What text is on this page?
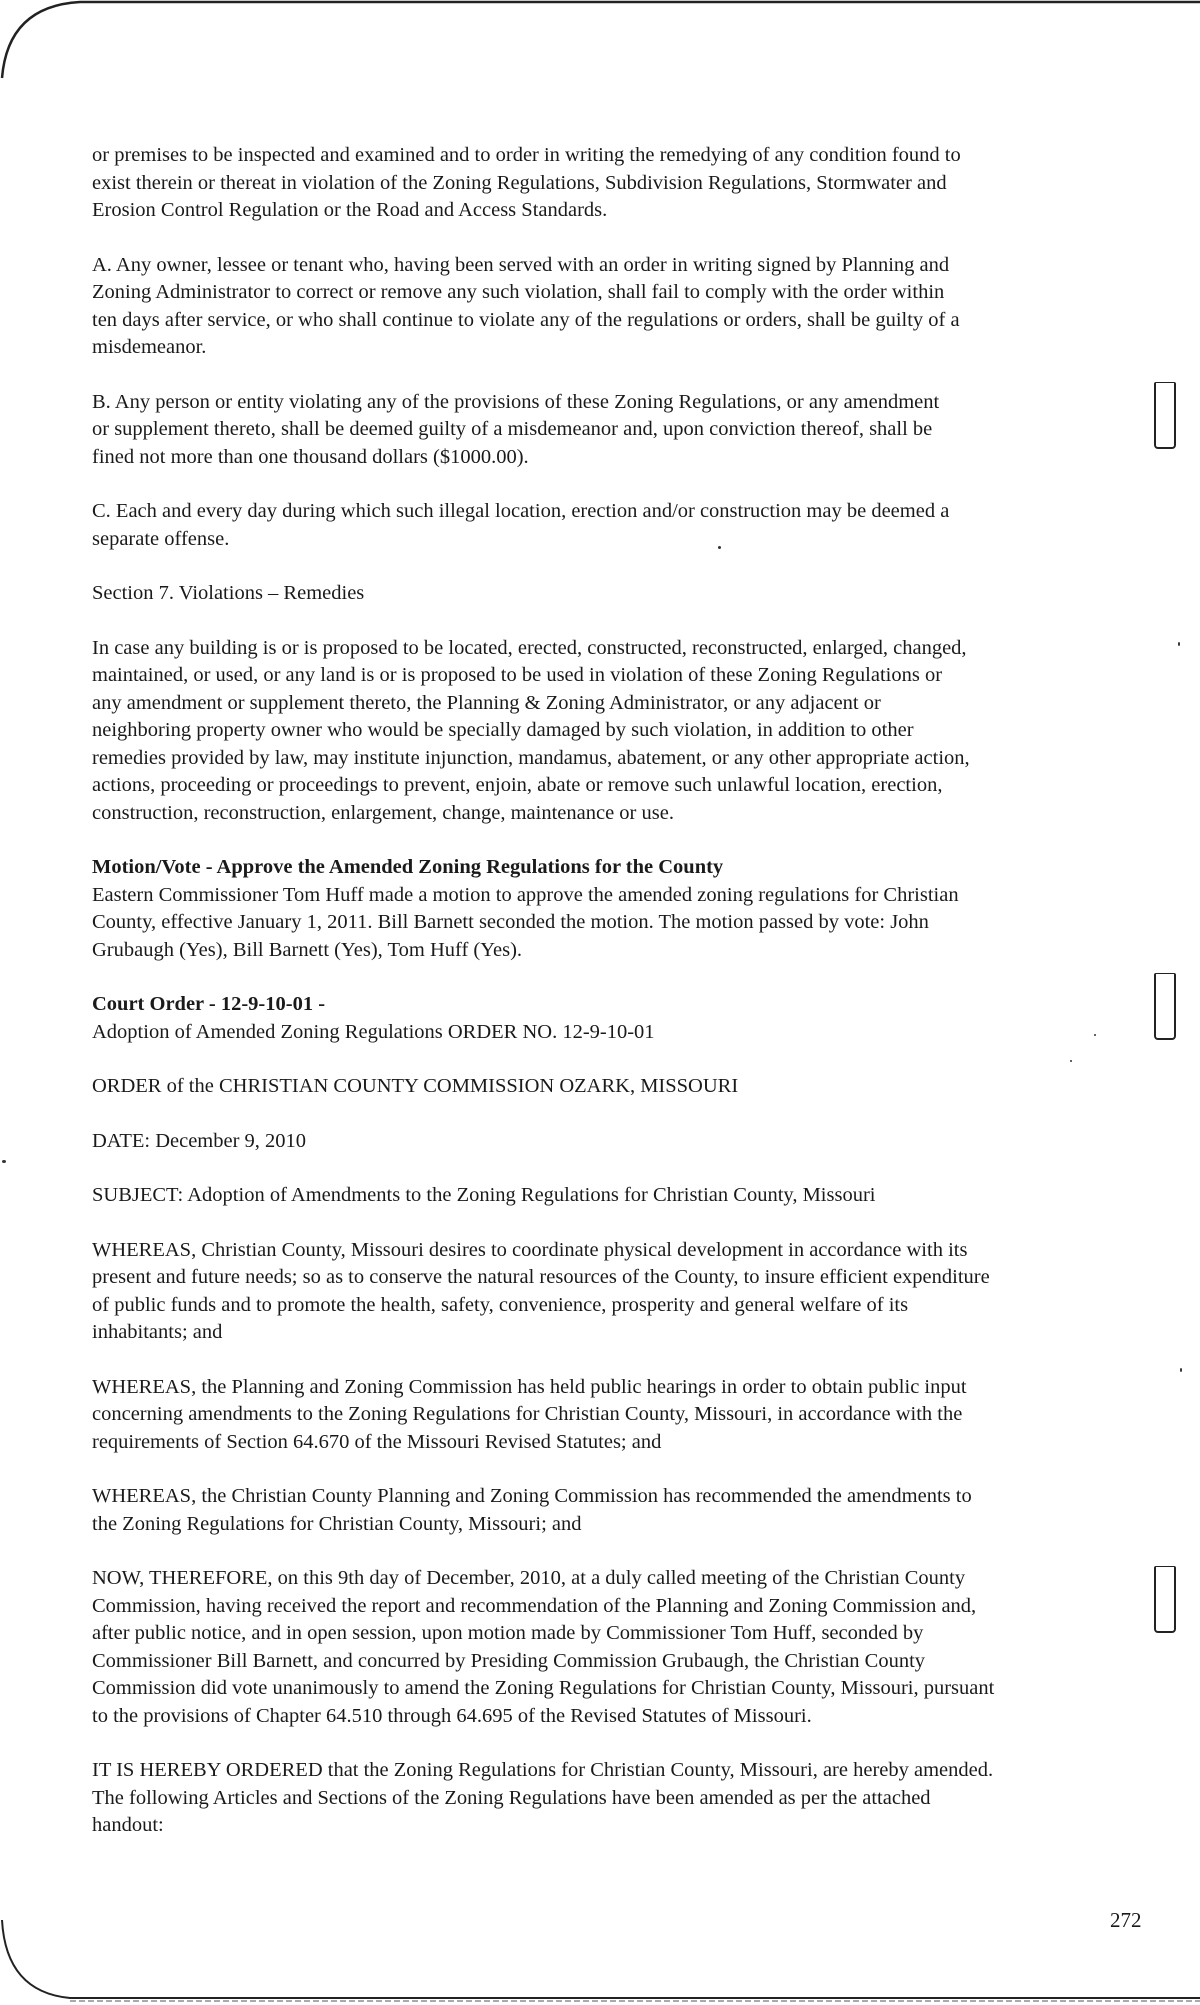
or premises to be inspected and examined and to order in writing the remedying of any condition found to
exist therein or thereat in violation of the Zoning Regulations, Subdivision Regulations, Stormwater and
Erosion Control Regulation or the Road and Access Standards.

A. Any owner, lessee or tenant who, having been served with an order in writing signed by Planning and
Zoning Administrator to correct or remove any such violation, shall fail to comply with the order within
ten days after service, or who shall continue to violate any of the regulations or orders, shall be guilty of a
misdemeanor.

B. Any person or entity violating any of the provisions of these Zoning Regulations, or any amendment
or supplement thereto, shall be deemed guilty of a misdemeanor and, upon conviction thereof, shall be
fined not more than one thousand dollars ($1000.00).

C. Each and every day during which such illegal location, erection and/or construction may be deemed a
separate offense.

Section 7. Violations – Remedies

In case any building is or is proposed to be located, erected, constructed, reconstructed, enlarged, changed,
maintained, or used, or any land is or is proposed to be used in violation of these Zoning Regulations or
any amendment or supplement thereto, the Planning & Zoning Administrator, or any adjacent or
neighboring property owner who would be specially damaged by such violation, in addition to other
remedies provided by law, may institute injunction, mandamus, abatement, or any other appropriate action,
actions, proceeding or proceedings to prevent, enjoin, abate or remove such unlawful location, erection,
construction, reconstruction, enlargement, change, maintenance or use.

Motion/Vote - Approve the Amended Zoning Regulations for the County

Eastern Commissioner Tom Huff made a motion to approve the amended zoning regulations for Christian
County, effective January 1, 2011. Bill Barnett seconded the motion. The motion passed by vote: John
Grubaugh (Yes), Bill Barnett (Yes), Tom Huff (Yes).

Court Order - 12-9-10-01 -

Adoption of Amended Zoning Regulations ORDER NO. 12-9-10-01

ORDER of the CHRISTIAN COUNTY COMMISSION OZARK, MISSOURI

DATE: December 9, 2010

SUBJECT: Adoption of Amendments to the Zoning Regulations for Christian County, Missouri

WHEREAS, Christian County, Missouri desires to coordinate physical development in accordance with its
present and future needs; so as to conserve the natural resources of the County, to insure efficient expenditure
of public funds and to promote the health, safety, convenience, prosperity and general welfare of its
inhabitants; and

WHEREAS, the Planning and Zoning Commission has held public hearings in order to obtain public input
concerning amendments to the Zoning Regulations for Christian County, Missouri, in accordance with the
requirements of Section 64.670 of the Missouri Revised Statutes; and

WHEREAS, the Christian County Planning and Zoning Commission has recommended the amendments to
the Zoning Regulations for Christian County, Missouri; and

NOW, THEREFORE, on this 9th day of December, 2010, at a duly called meeting of the Christian County
Commission, having received the report and recommendation of the Planning and Zoning Commission and,
after public notice, and in open session, upon motion made by Commissioner Tom Huff, seconded by
Commissioner Bill Barnett, and concurred by Presiding Commission Grubaugh, the Christian County
Commission did vote unanimously to amend the Zoning Regulations for Christian County, Missouri, pursuant
to the provisions of Chapter 64.510 through 64.695 of the Revised Statutes of Missouri.

IT IS HEREBY ORDERED that the Zoning Regulations for Christian County, Missouri, are hereby amended.
The following Articles and Sections of the Zoning Regulations have been amended as per the attached
handout:

272
